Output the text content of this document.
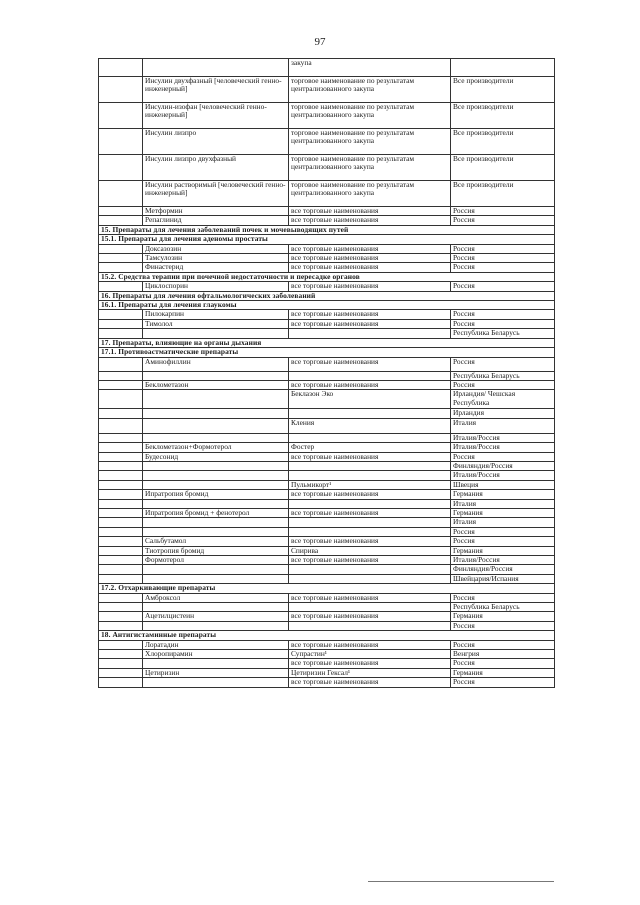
97
		закупа	
	Инсулин двухфазный [человеческий генно-инженерный]	торговое наименование по результатам централизованного закупа	Все производители
	Инсулин-изофан [человеческий генно-инженерный]	торговое наименование по результатам централизованного закупа	Все производители
	Инсулин лизпро	торговое наименование по результатам централизованного закупа	Все производители
	Инсулин лизпро двухфазный	торговое наименование по результатам централизованного закупа	Все производители
	Инсулин растворимый [человеческий генно-инженерный]	торговое наименование по результатам централизованного закупа	Все производители
	Метформин	все торговые наименования	Россия
	Репаглинид	все торговые наименования	Россия
15. Препараты для лечения заболеваний почек и мочевыводящих путей			
15.1. Препараты для лечения аденомы простаты			
	Доксазозин	все торговые наименования	Россия
	Тамсулозин	все торговые наименования	Россия
	Финастерид	все торговые наименования	Россия
15.2. Средства терапии при почечной недостаточности и пересадке органов			
	Циклоспорин	все торговые наименования	Россия
16. Препараты для лечения офтальмологических заболеваний			
16.1. Препараты для лечения глаукомы			
	Пилокарпин	все торговые наименования	Россия
	Тимолол	все торговые наименования	Россия
			Республика Беларусь
17. Препараты, влияющие на органы дыхания			
17.1. Противоастматические препараты			
	Аминофиллин	все торговые наименования	Россия
			Республика Беларусь
	Беклометазон	все торговые наименования	Россия
		Беклазон Эко	Ирландия/ Чешская Республика
			Ирландия
		Кления	Италия
			Италия/Россия
	Беклометазон+Формотерол	Фостер	Италия/Россия
	Будесонид	все торговые наименования	Россия
			Финляндия/Россия
			Италия/Россия
		Пульмикорт¹	Швеция
	Ипратропия бромид	все торговые наименования	Германия
			Италия
	Ипратропия бромид + фенотерол	все торговые наименования	Германия
			Италия
			Россия
	Сальбутамол	все торговые наименования	Россия
	Тиотропия бромид	Спирива	Германия
	Формотерол	все торговые наименования	Италия/Россия
			Финляндия/Россия
			Швейцария/Испания
17.2. Отхаркивающие препараты			
	Амброксол	все торговые наименования	Россия
			Республика Беларусь
	Ацетилцистеин	все торговые наименования	Германия
			Россия
18. Антигистаминные препараты			
	Лоратадин	все торговые наименования	Россия
	Хлоропирамин	Супрастин¹	Венгрия
		все торговые наименования	Россия
	Цетиризин	Цетиризин Гексал¹	Германия
		все торговые наименования	Россия
